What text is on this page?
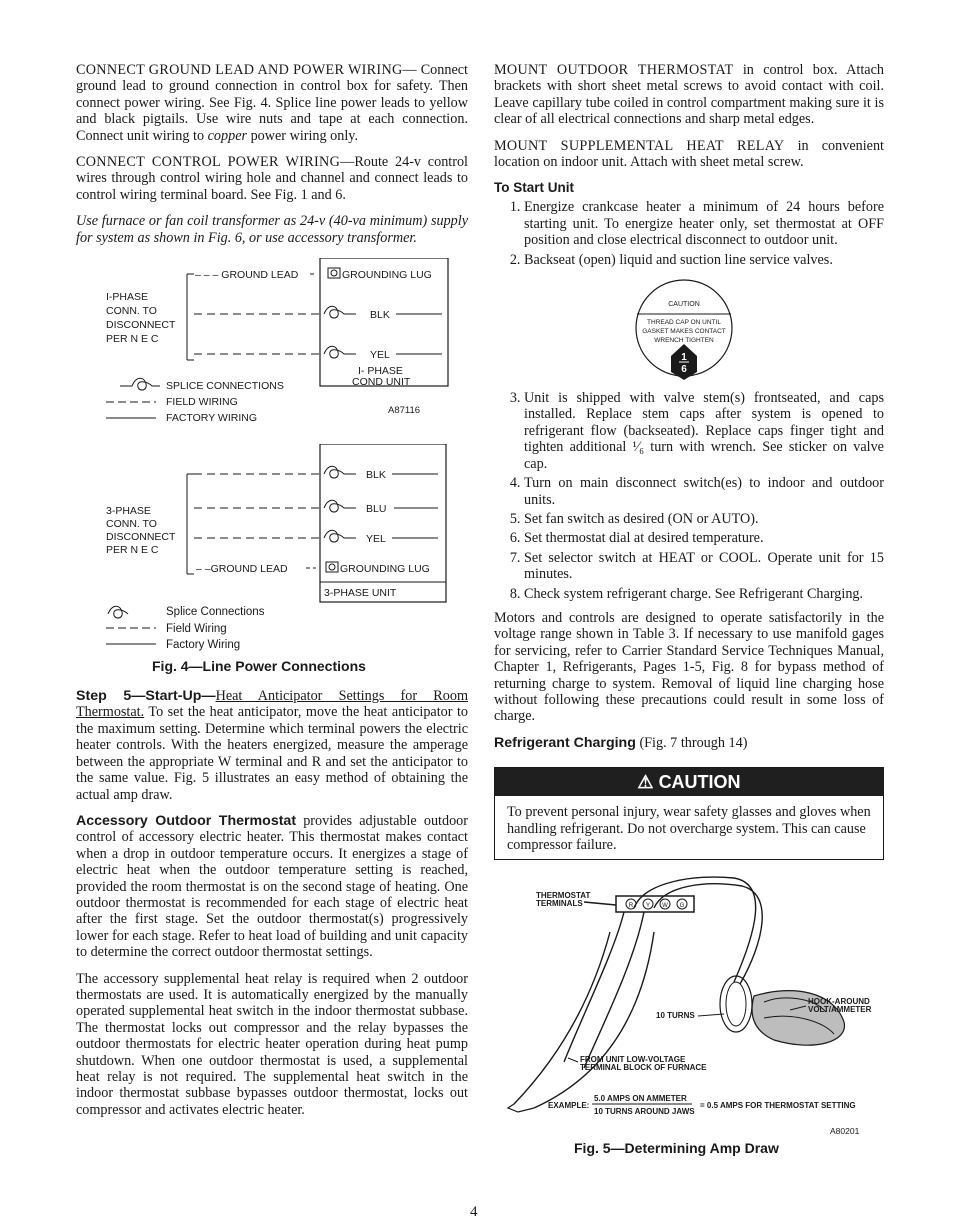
CONNECT GROUND LEAD AND POWER WIRING— Connect ground lead to ground connection in control box for safety. Then connect power wiring. See Fig. 4. Splice line power leads to yellow and black pigtails. Use wire nuts and tape at each connection. Connect unit wiring to copper power wiring only.

CONNECT CONTROL POWER WIRING—Route 24-v control wires through control wiring hole and channel and connect leads to control wiring terminal board. See Fig. 1 and 6.

Use furnace or fan coil transformer as 24-v (40-va minimum) supply for system as shown in Fig. 6, or use accessory transformer.

I-PHASE
CONN. TO
DISCONNECT
PER N E C
– – – GROUND LEAD	GROUNDING LUG
BLK
YEL
I- PHASE
COND UNIT
SPLICE CONNECTIONS
FIELD WIRING
FACTORY WIRING
A87116
BLK
BLU
YEL
3-PHASE
CONN. TO
DISCONNECT
PER N E C
– –GROUND LEAD	GROUNDING LUG
3-PHASE UNIT
Splice Connections
Field Wiring
Factory Wiring
Fig. 4—Line Power Connections

Step 5—Start-Up—Heat Anticipator Settings for Room Thermostat. To set the heat anticipator, move the heat anticipator to the maximum setting. Determine which terminal powers the electric heater controls. With the heaters energized, measure the amperage between the appropriate W terminal and R and set the anticipator to the same value. Fig. 5 illustrates an easy method of obtaining the actual amp draw.

Accessory Outdoor Thermostat provides adjustable outdoor control of accessory electric heater. This thermostat makes contact when a drop in outdoor temperature occurs. It energizes a stage of electric heat when the outdoor temperature setting is reached, provided the room thermostat is on the second stage of heating. One outdoor thermostat is recommended for each stage of electric heat after the first stage. Set the outdoor thermostat(s) progressively lower for each stage. Refer to heat load of building and unit capacity to determine the correct outdoor thermostat settings.

The accessory supplemental heat relay is required when 2 outdoor thermostats are used. It is automatically energized by the manually operated supplemental heat switch in the indoor thermostat subbase. The thermostat locks out compressor and the relay bypasses the outdoor thermostats for electric heater operation during heat pump shutdown. When one outdoor thermostat is used, a supplemental heat relay is not required. The supplemental heat switch in the indoor thermostat subbase bypasses outdoor thermostat, locks out compressor and activates electric heater.

MOUNT OUTDOOR THERMOSTAT in control box. Attach brackets with short sheet metal screws to avoid contact with coil. Leave capillary tube coiled in control compartment making sure it is clear of all electrical connections and sharp metal edges.

MOUNT SUPPLEMENTAL HEAT RELAY in convenient location on indoor unit. Attach with sheet metal screw.

To Start Unit
1. Energize crankcase heater a minimum of 24 hours before starting unit. To energize heater only, set thermostat at OFF position and close electrical disconnect to outdoor unit.
2. Backseat (open) liquid and suction line service valves.
CAUTION
THREAD CAP ON UNTIL
GASKET MAKES CONTACT
WRENCH TIGHTEN
1
6
TURN
3. Unit is shipped with valve stem(s) frontseated, and caps installed. Replace stem caps after system is opened to refrigerant flow (backseated). Replace caps finger tight and tighten additional ¹⁄₆ turn with wrench. See sticker on valve cap.
4. Turn on main disconnect switch(es) to indoor and outdoor units.
5. Set fan switch as desired (ON or AUTO).
6. Set thermostat dial at desired temperature.
7. Set selector switch at HEAT or COOL. Operate unit for 15 minutes.
8. Check system refrigerant charge. See Refrigerant Charging.

Motors and controls are designed to operate satisfactorily in the voltage range shown in Table 3. If necessary to use manifold gages for servicing, refer to Carrier Standard Service Techniques Manual, Chapter 1, Refrigerants, Pages 1-5, Fig. 8 for bypass method of returning charge to system. Removal of liquid line charging hose without following these precautions could result in some loss of charge.

Refrigerant Charging (Fig. 7 through 14)

⚠ CAUTION
To prevent personal injury, wear safety glasses and gloves when handling refrigerant. Do not overcharge system. This can cause compressor failure.
THERMOSTAT
TERMINALS	R Y W G
10 TURNS
HOOK-AROUND
VOLT/AMMETER
FROM UNIT LOW-VOLTAGE
TERMINAL BLOCK OF FURNACE
EXAMPLE:
5.0 AMPS ON AMMETER
10 TURNS AROUND JAWS
= 0.5 AMPS FOR THERMOSTAT SETTING
A80201
Fig. 5—Determining Amp Draw
4
